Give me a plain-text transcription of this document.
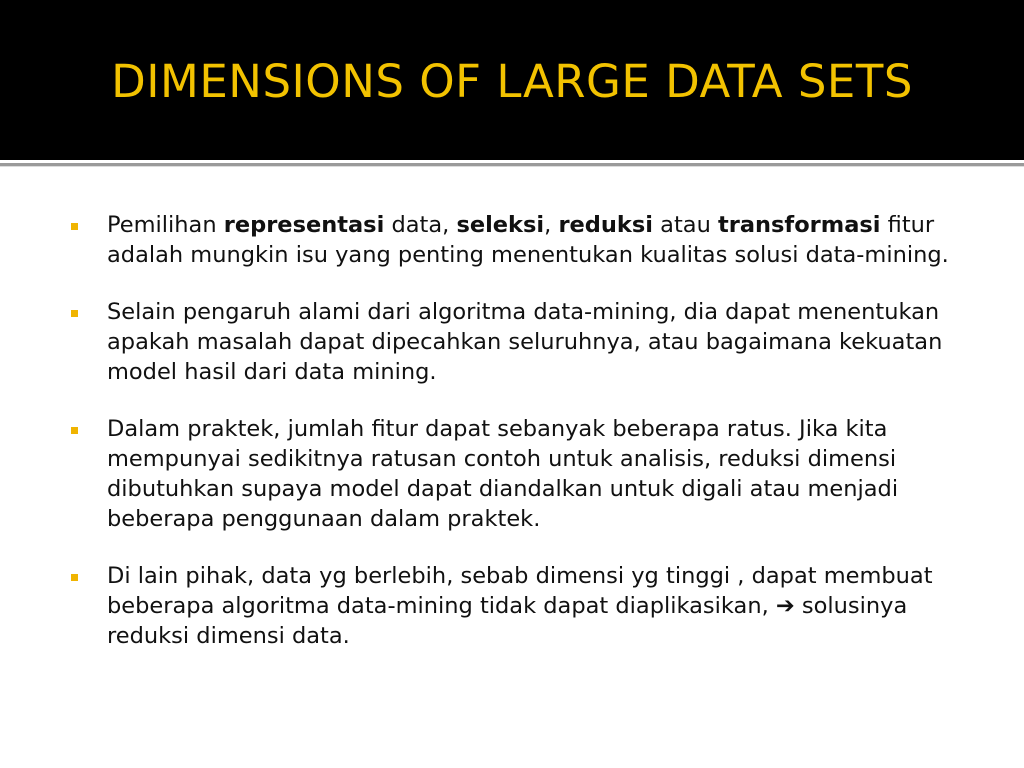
DIMENSIONS OF LARGE DATA SETS
Pemilihan representasi data, seleksi, reduksi atau transformasi fitur adalah mungkin isu yang penting menentukan kualitas solusi data-mining.
Selain pengaruh alami dari algoritma data-mining, dia dapat menentukan apakah masalah dapat dipecahkan seluruhnya, atau bagaimana kekuatan model hasil dari data mining.
Dalam praktek, jumlah fitur dapat sebanyak beberapa ratus. Jika kita mempunyai sedikitnya ratusan contoh untuk analisis, reduksi dimensi dibutuhkan supaya model dapat diandalkan untuk digali atau menjadi beberapa penggunaan dalam praktek.
Di lain pihak, data yg berlebih, sebab dimensi yg tinggi , dapat membuat beberapa algoritma data-mining tidak dapat diaplikasikan, ➔ solusinya reduksi dimensi data.
